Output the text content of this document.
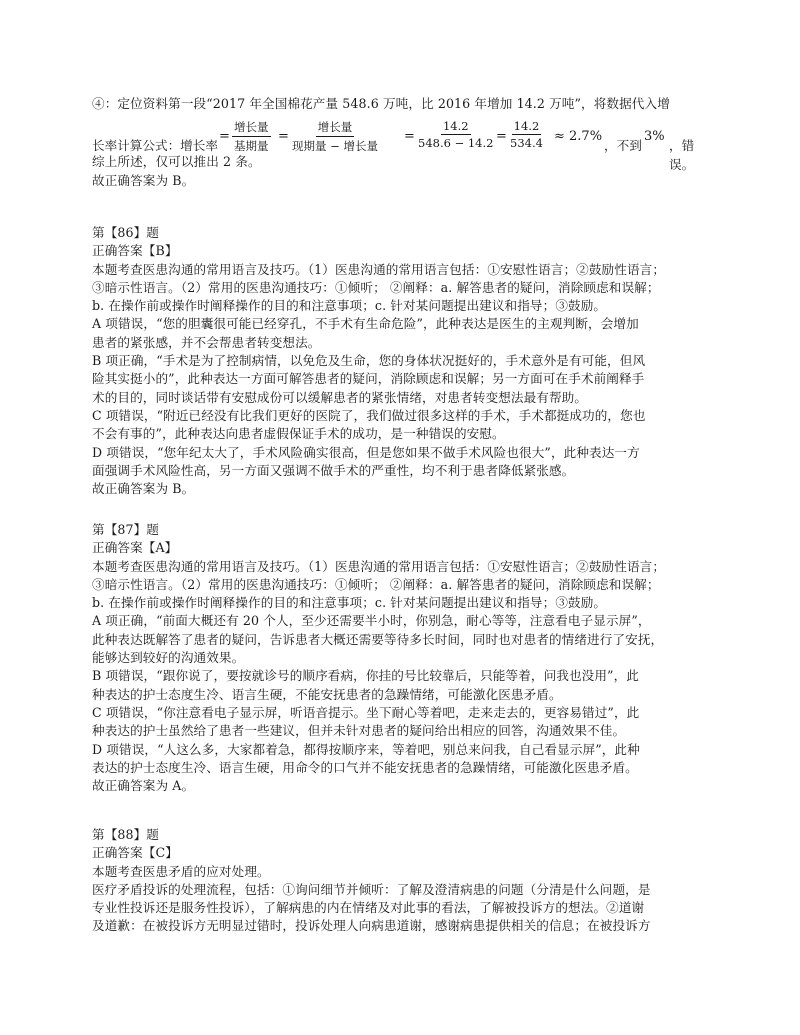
④：定位资料第一段“2017 年全国棉花产量 548.6 万吨，比 2016 年增加 14.2 万吨”，将数据代入增
长率计算公式：增长率
=
增长量
基期量
=
增长量
现期量 − 增长量
= $\frac{14.2}{548.6 - 14.2} = \frac{14.2}{534.4} \approx 2.7\%$
，不到
3%
，错误。
综上所述，仅可以推出 2 条。
故正确答案为 B。
第【86】题
正确答案【B】
本题考查医患沟通的常用语言及技巧。（1）医患沟通的常用语言包括：①安慰性语言；②鼓励性语言；
③暗示性语言。（2）常用的医患沟通技巧：①倾听； ②阐释：a. 解答患者的疑问，消除顾虑和误解；
b. 在操作前或操作时阐释操作的目的和注意事项；c. 针对某问题提出建议和指导；③鼓励。
A 项错误，“您的胆囊很可能已经穿孔，不手术有生命危险”，此种表达是医生的主观判断，会增加
患者的紧张感，并不会帮患者转变想法。
B 项正确，“手术是为了控制病情，以免危及生命，您的身体状况挺好的，手术意外是有可能，但风
险其实挺小的”，此种表达一方面可解答患者的疑问，消除顾虑和误解；另一方面可在手术前阐释手
术的目的，同时谈话带有安慰成份可以缓解患者的紧张情绪，对患者转变想法最有帮助。
C 项错误，“附近已经没有比我们更好的医院了，我们做过很多这样的手术，手术都挺成功的，您也
不会有事的”，此种表达向患者虚假保证手术的成功，是一种错误的安慰。
D 项错误，“您年纪太大了，手术风险确实很高，但是您如果不做手术风险也很大”，此种表达一方
面强调手术风险性高，另一方面又强调不做手术的严重性，均不利于患者降低紧张感。
故正确答案为 B。
第【87】题
正确答案【A】
本题考查医患沟通的常用语言及技巧。（1）医患沟通的常用语言包括：①安慰性语言；②鼓励性语言；
③暗示性语言。（2）常用的医患沟通技巧：①倾听； ②阐释：a. 解答患者的疑问，消除顾虑和误解；
b. 在操作前或操作时阐释操作的目的和注意事项；c. 针对某问题提出建议和指导；③鼓励。
A 项正确，“前面大概还有 20 个人，至少还需要半小时，你别急，耐心等等，注意看电子显示屏”，
此种表达既解答了患者的疑问，告诉患者大概还需要等待多长时间，同时也对患者的情绪进行了安抚，
能够达到较好的沟通效果。
B 项错误，“跟你说了，要按就诊号的顺序看病，你挂的号比较靠后，只能等着，问我也没用”，此
种表达的护士态度生冷、语言生硬，不能安抚患者的急躁情绪，可能激化医患矛盾。
C 项错误，“你注意看电子显示屏，听语音提示。坐下耐心等着吧，走来走去的，更容易错过”，此
种表达的护士虽然给了患者一些建议，但并未针对患者的疑问给出相应的回答，沟通效果不佳。
D 项错误，“人这么多，大家都着急，都得按顺序来，等着吧，别总来问我，自己看显示屏”，此种
表达的护士态度生冷、语言生硬，用命令的口气并不能安抚患者的急躁情绪，可能激化医患矛盾。
故正确答案为 A。
第【88】题
正确答案【C】
本题考查医患矛盾的应对处理。
医疗矛盾投诉的处理流程，包括：①询问细节并倾听：了解及澄清病患的问题（分清是什么问题，是
专业性投诉还是服务性投诉），了解病患的内在情绪及对此事的看法，了解被投诉方的想法。②道谢
及道歉：在被投诉方无明显过错时，投诉处理人向病患道谢，感谢病患提供相关的信息；在被投诉方
